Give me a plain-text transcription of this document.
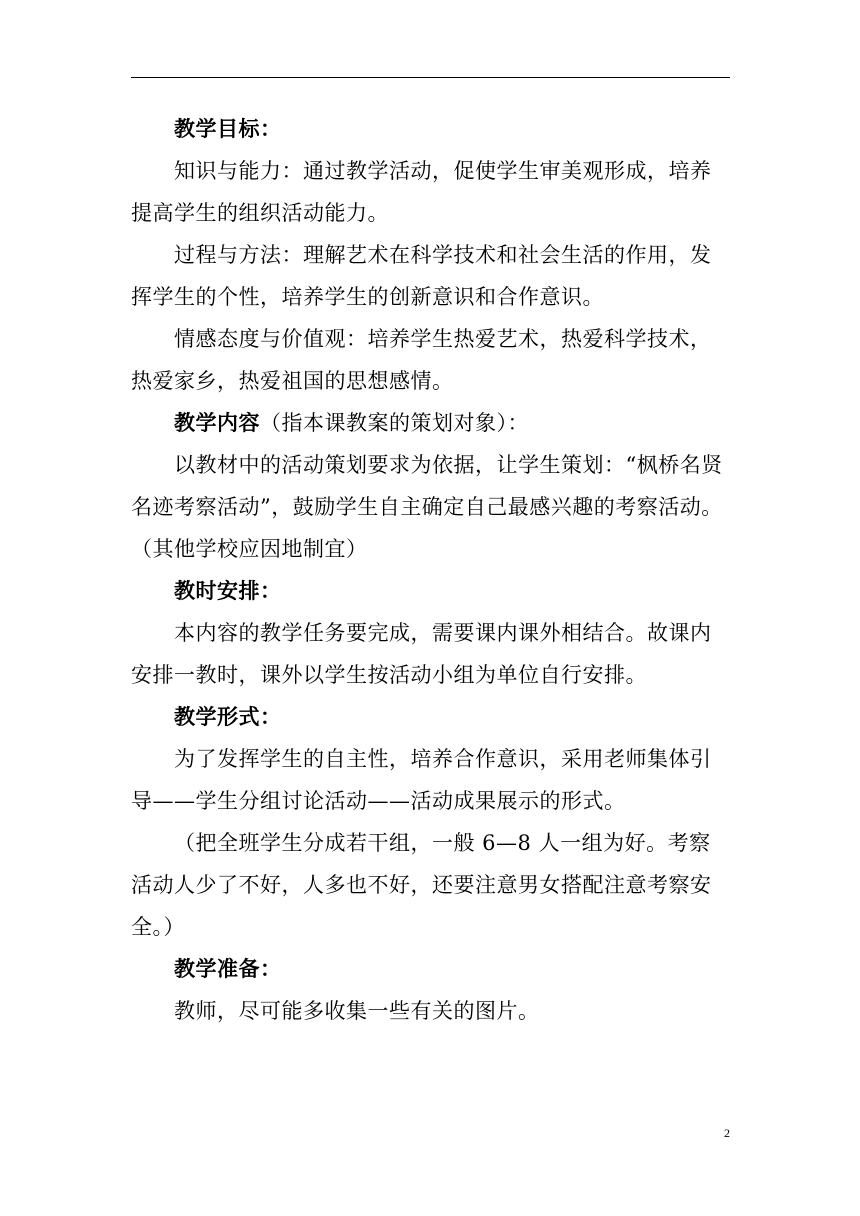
教学目标：

知识与能力：通过教学活动，促使学生审美观形成，培养提高学生的组织活动能力。

过程与方法：理解艺术在科学技术和社会生活的作用，发挥学生的个性，培养学生的创新意识和合作意识。

情感态度与价值观：培养学生热爱艺术，热爱科学技术，热爱家乡，热爱祖国的思想感情。

教学内容（指本课教案的策划对象）：

以教材中的活动策划要求为依据，让学生策划：“枫桥名贤名迹考察活动”，鼓励学生自主确定自己最感兴趣的考察活动。（其他学校应因地制宜）

教时安排：

本内容的教学任务要完成，需要课内课外相结合。故课内安排一教时，课外以学生按活动小组为单位自行安排。

教学形式：

为了发挥学生的自主性，培养合作意识，采用老师集体引导——学生分组讨论活动——活动成果展示的形式。

（把全班学生分成若干组，一般 6—8 人一组为好。考察活动人少了不好，人多也不好，还要注意男女搭配注意考察安全。）

教学准备：

教师，尽可能多收集一些有关的图片。

2
